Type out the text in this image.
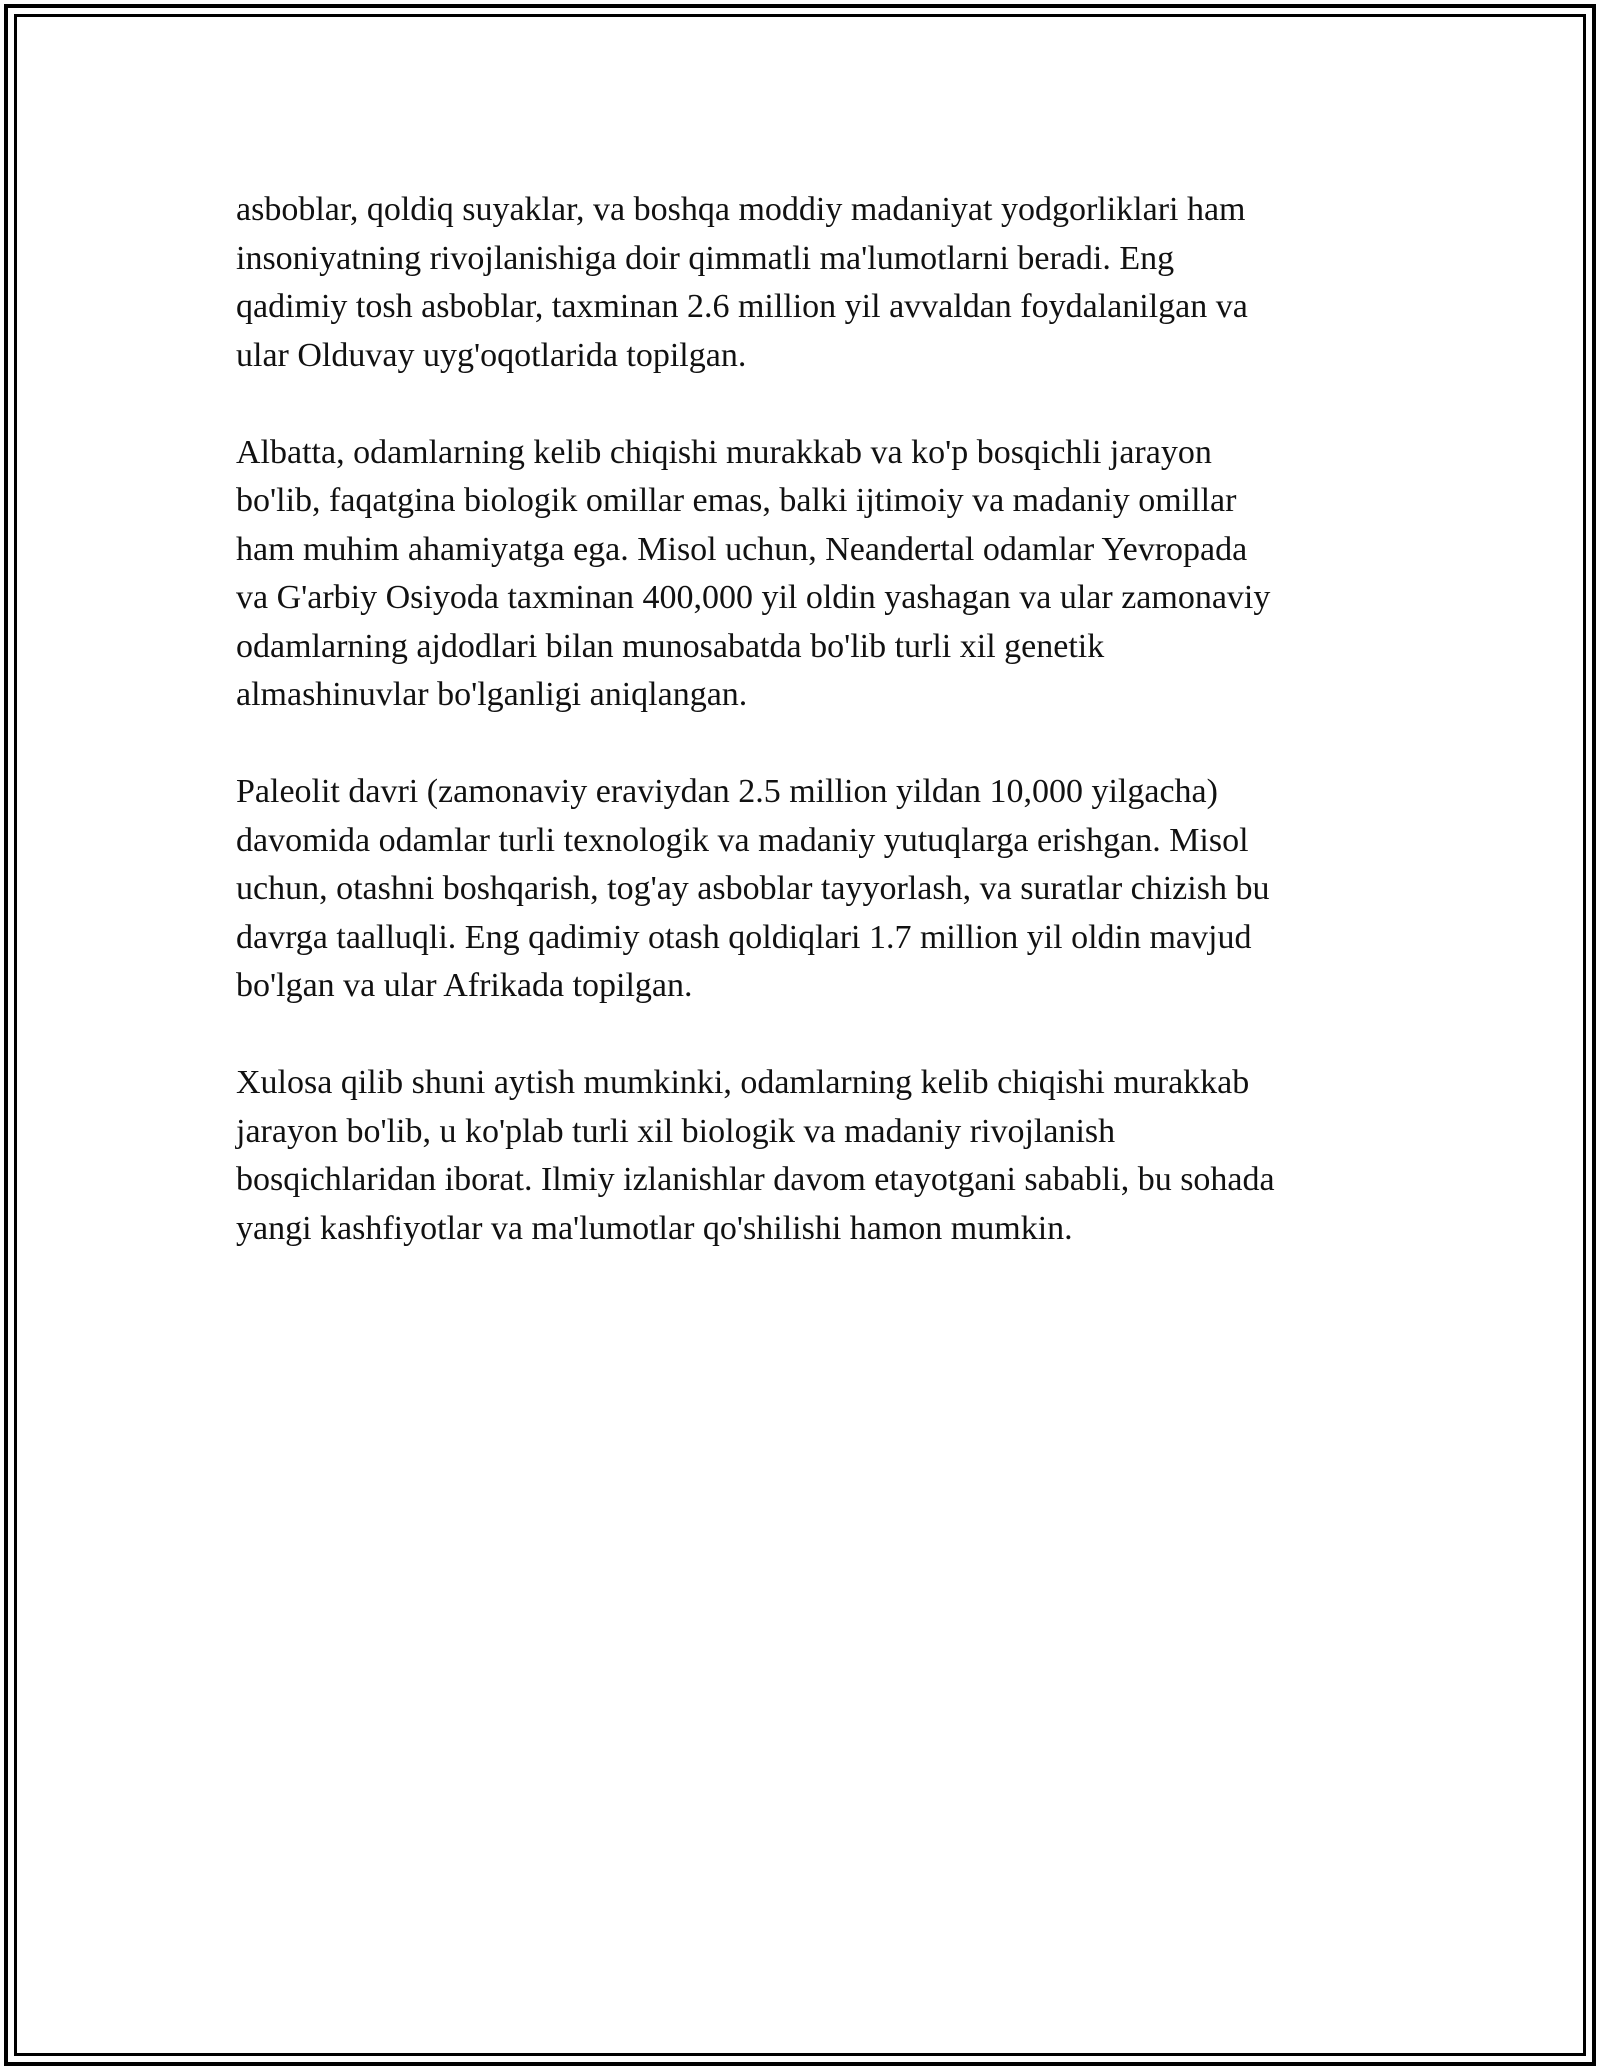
asboblar, qoldiq suyaklar, va boshqa moddiy madaniyat yodgorliklari ham
insoniyatning rivojlanishiga doir qimmatli ma'lumotlarni beradi. Eng
qadimiy tosh asboblar, taxminan 2.6 million yil avvaldan foydalanilgan va
ular Olduvay uyg'oqotlarida topilgan.

Albatta, odamlarning kelib chiqishi murakkab va ko'p bosqichli jarayon
bo'lib, faqatgina biologik omillar emas, balki ijtimoiy va madaniy omillar
ham muhim ahamiyatga ega. Misol uchun, Neandertal odamlar Yevropada
va G'arbiy Osiyoda taxminan 400,000 yil oldin yashagan va ular zamonaviy
odamlarning ajdodlari bilan munosabatda bo'lib turli xil genetik
almashinuvlar bo'lganligi aniqlangan.

Paleolit davri (zamonaviy eraviydan 2.5 million yildan 10,000 yilgacha)
davomida odamlar turli texnologik va madaniy yutuqlarga erishgan. Misol
uchun, otashni boshqarish, tog'ay asboblar tayyorlash, va suratlar chizish bu
davrga taalluqli. Eng qadimiy otash qoldiqlari 1.7 million yil oldin mavjud
bo'lgan va ular Afrikada topilgan.

Xulosa qilib shuni aytish mumkinki, odamlarning kelib chiqishi murakkab
jarayon bo'lib, u ko'plab turli xil biologik va madaniy rivojlanish
bosqichlaridan iborat. Ilmiy izlanishlar davom etayotgani sababli, bu sohada
yangi kashfiyotlar va ma'lumotlar qo'shilishi hamon mumkin.
